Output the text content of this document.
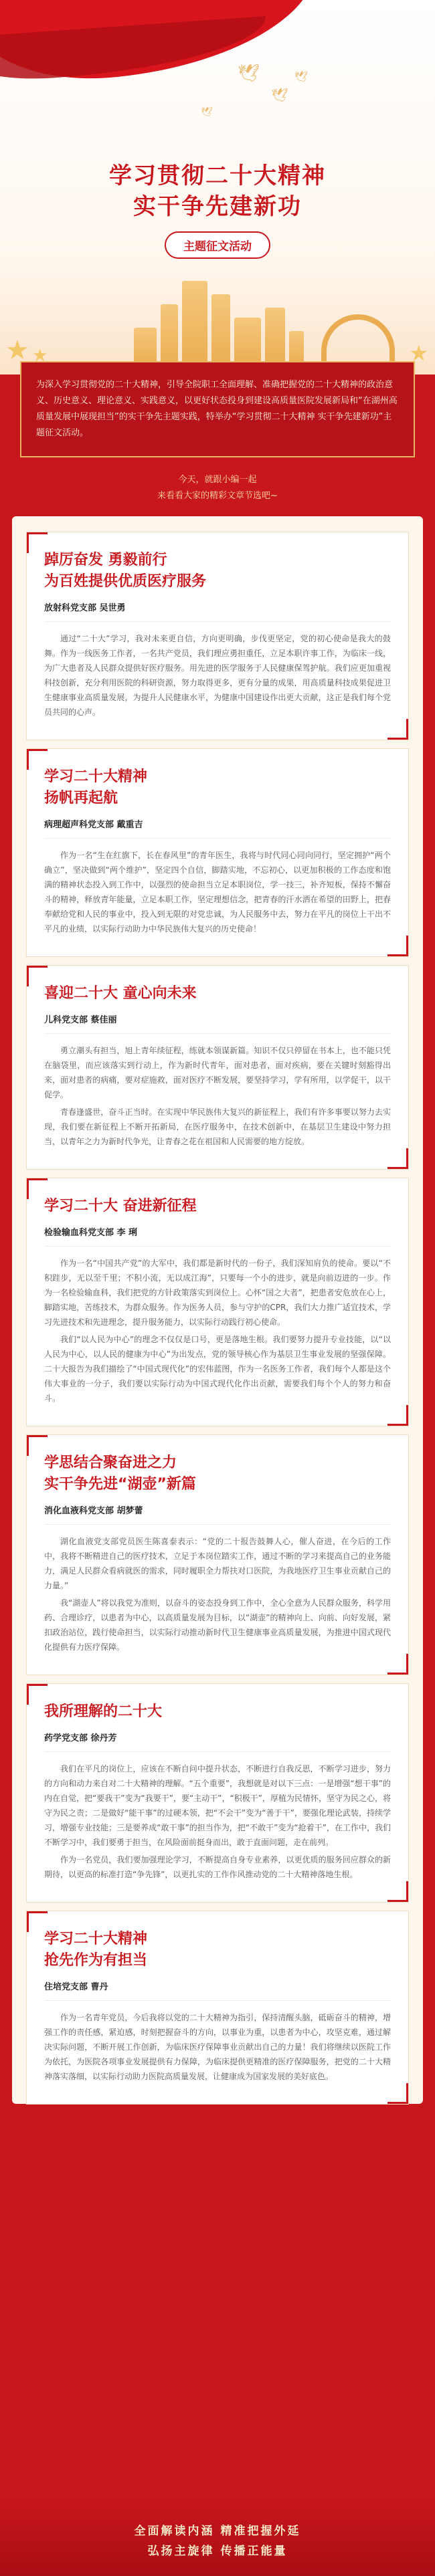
🕊
🕊
🕊
🕊
学习贯彻二十大精神
实干争先建新功
主题征文活动
★ ★	★

为深入学习贯彻党的二十大精神，引导全院职工全面理解、准确把握党的二十大精神的政治意义、历史意义、理论意义、实践意义，以更好状态投身到建设高质量医院发展新局和“在湖州高质量发展中展现担当”的实干争先主题实践，特举办“学习贯彻二十大精神 实干争先建新功”主题征文活动。

今天，就跟小编一起
来看看大家的精彩文章节选吧~
踔厉奋发 勇毅前行
为百姓提供优质医疗服务
放射科党支部 吴世勇

通过“二十大”学习，我对未来更自信，方向更明确，步伐更坚定，党的初心使命是我大的鼓舞。作为一线医务工作者，一名共产党员，我们理应勇担重任，立足本职许事工作，为临床一线，为广大患者及人民群众提供好医疗服务。用先进的医学服务于人民健康保驾护航。我们应更加重视科技创新，充分利用医院的科研资源，努力取得更多，更有分量的成果，用高质量科技成果促进卫生健康事业高质量发展，为提升人民健康水平，为健康中国建设作出更大贡献，这正是我们每个党员共同的心声。

学习二十大精神
扬帆再起航
病理超声科党支部 戴重吉

作为一名“生在红旗下，长在春风里”的青年医生，我将与时代同心同向同行，坚定拥护“两个确立”，坚决做到“两个维护”，坚定四个自信，脚踏实地，不忘初心，以更加积极的工作态度和饱满的精神状态投入到工作中，以强烈的使命担当立足本职岗位，学一技三，补齐短板，保持不懈奋斗的精神，释放青年能量，立足本职工作，坚定理想信念，把青春的汗水洒在希望的田野上，把春奉献给党和人民的事业中，投入到无限的对党忠诚，为人民服务中去，努力在平凡的岗位上干出不平凡的业绩，以实际行动助力中华民族伟大复兴的历史使命！

喜迎二十大 童心向未来
儿科党支部 蔡佳丽

勇立潮头有担当，旭上青年续征程，练就本领谋新篇。知识不仅只停留在书本上，也不能只凭在脑袋里，而应该落实到行动上，作为新时代青年，面对患者，面对疾病，要在关键时刻豁得出来，面对患者的病痛，要对症施救，面对医疗不断发展，要坚持学习，学有所用，以学促干，以干促学。

青春逢盛世，奋斗正当时。在实现中华民族伟大复兴的新征程上，我们有许多事要以努力去实现，我们要在新征程上不断开拓新局，在医疗服务中，在技术创新中，在基层卫生建设中努力担当，以青年之力为新时代争光，让青春之花在祖国和人民需要的地方绽放。

学习二十大 奋进新征程
检验输血科党支部 李 琍

作为一名“中国共产党”的大军中，我们都是新时代的一份子，我们深知肩负的使命。要以“不积跬步，无以至千里；不积小流，无以成江海”，只要每一个小的进步，就是向前迈进的一步。作为一名检验输血科，我们把党的方针政策落实到岗位上。心怀“国之大者”，把患者安危放在心上，脚踏实地，苦练技术，为群众服务。作为医务人员，参与守护的CPR，我们大力推广适宜技术，学习先进技术和先进理念，提升服务能力，以实际行动践行初心使命。

我们“以人民为中心”的理念不仅仅是口号，更是落地生根。我们要努力提升专业技能，以“以人民为中心，以人民的健康为中心”为出发点，党的领导核心作为基层卫生事业发展的坚强保障。二十大报告为我们描绘了“中国式现代化”的宏伟蓝图，作为一名医务工作者，我们每个人都是这个伟大事业的一分子，我们要以实际行动为中国式现代化作出贡献，需要我们每个个人的努力和奋斗。

学思结合聚奋进之力
实干争先进“湖壶”新篇
消化血液科党支部 胡梦蕾

湖化血液党支部党员医生陈喜泰表示：“党的二十报告鼓舞人心，催人奋进，在今后的工作中，我将不断精进自己的医疗技术，立足于本岗位踏实工作，通过不断的学习来提高自己的业务能力，满足人民群众看病就医的需求，同时履职全力帮扶对口医院，为我地医疗卫生事业贡献自己的力量。”

我“湖壶人”将以我党为准则，以奋斗的姿态投身到工作中，全心全意为人民群众服务，科学用药、合理诊疗，以患者为中心，以高质量发展为目标，以“湖壶”的精神向上、向前、向好发展，紧扣政治站位，践行使命担当，以实际行动推动新时代卫生健康事业高质量发展，为推进中国式现代化提供有力医疗保障。

我所理解的二十大
药学党支部 徐丹芳

我们在平凡的岗位上，应该在不断自问中提升状态，不断进行自我反思，不断学习进步，努力的方向和动力来自对二十大精神的理解。“五个重要”，我想就是对以下三点：一是增强“想干事”的内在自觉，把“要我干”变为“我要干”，要“主动干”，“积极干”，厚植为民情怀，坚守为民之心，将守为民之责；二是做好“能干事”的过硬本领，把“不会干”变为“善于干”，要强化理论武装，持续学习，增强专业技能；三是要养成“敢干事”的担当作为，把“不敢干”变为“抢着干”，在工作中，我们不断学习中，我们要勇于担当，在风险面前挺身而出，敢于直面问题，走在前列。

作为一名党员，我们要加强理论学习，不断提高自身专业素养，以更优质的服务回应群众的新期待，以更高的标准打造“争先锋”，以更扎实的工作作风推动党的二十大精神落地生根。

学习二十大精神
抢先作为有担当
住培党支部 曹丹

作为一名青年党员，今后我将以党的二十大精神为指引，保持清醒头脑，砥砺奋斗的精神，增强工作的责任感，紧迫感，时刻把握奋斗的方向，以事业为重，以患者为中心，攻坚克难，通过解决实际问题，不断开展工作创新，为临床医疗保障事业贡献出自己的力量！我们将继续以医院工作为依托，为医院各项事业发展提供有力保障，为临床提供更精准的医疗保障服务，把党的二十大精神落实落细，以实际行动助力医院高质量发展，让健康成为国家发展的美好底色。

全面解读内涵 精准把握外延
弘扬主旋律 传播正能量
